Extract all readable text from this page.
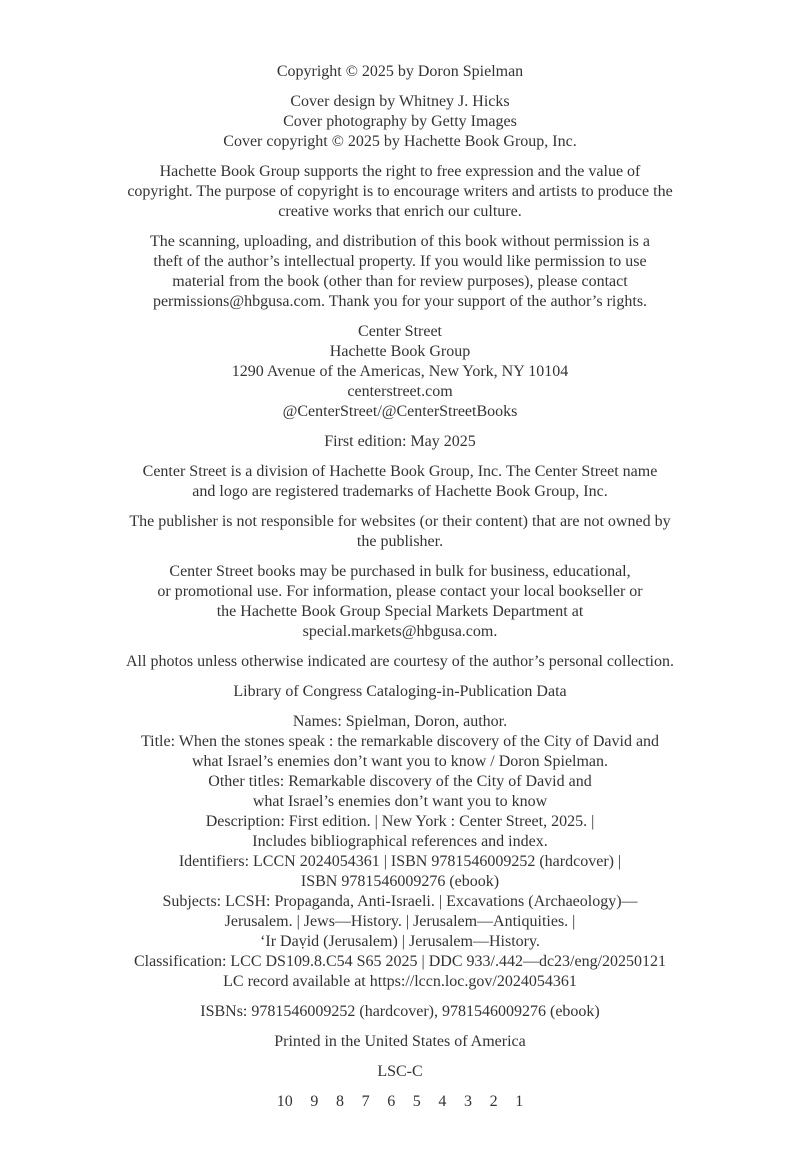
Copyright © 2025 by Doron Spielman

Cover design by Whitney J. Hicks
Cover photography by Getty Images
Cover copyright © 2025 by Hachette Book Group, Inc.

Hachette Book Group supports the right to free expression and the value of
copyright. The purpose of copyright is to encourage writers and artists to produce the
creative works that enrich our culture.

The scanning, uploading, and distribution of this book without permission is a
theft of the author’s intellectual property. If you would like permission to use
material from the book (other than for review purposes), please contact
permissions@hbgusa.com. Thank you for your support of the author’s rights.

Center Street
Hachette Book Group
1290 Avenue of the Americas, New York, NY 10104
centerstreet.com
@CenterStreet/@CenterStreetBooks

First edition: May 2025

Center Street is a division of Hachette Book Group, Inc. The Center Street name
and logo are registered trademarks of Hachette Book Group, Inc.

The publisher is not responsible for websites (or their content) that are not owned by
the publisher.

Center Street books may be purchased in bulk for business, educational,
or promotional use. For information, please contact your local bookseller or
the Hachette Book Group Special Markets Department at
special.markets@hbgusa.com.

All photos unless otherwise indicated are courtesy of the author’s personal collection.

Library of Congress Cataloging-in-Publication Data

Names: Spielman, Doron, author.
Title: When the stones speak : the remarkable discovery of the City of David and
what Israel’s enemies don’t want you to know / Doron Spielman.
Other titles: Remarkable discovery of the City of David and
what Israel’s enemies don’t want you to know
Description: First edition. | New York : Center Street, 2025. |
Includes bibliographical references and index.
Identifiers: LCCN 2024054361 | ISBN 9781546009252 (hardcover) |
ISBN 9781546009276 (ebook)
Subjects: LCSH: Propaganda, Anti-Israeli. | Excavations (Archaeology)—
Jerusalem. | Jews—History. | Jerusalem—Antiquities. |
‘Ir Daṿid (Jerusalem) | Jerusalem—History.
Classification: LCC DS109.8.C54 S65 2025 | DDC 933/.442—dc23/eng/20250121
LC record available at https://lccn.loc.gov/2024054361

ISBNs: 9781546009252 (hardcover), 9781546009276 (ebook)

Printed in the United States of America

LSC-C

10 9 8 7 6 5 4 3 2 1
